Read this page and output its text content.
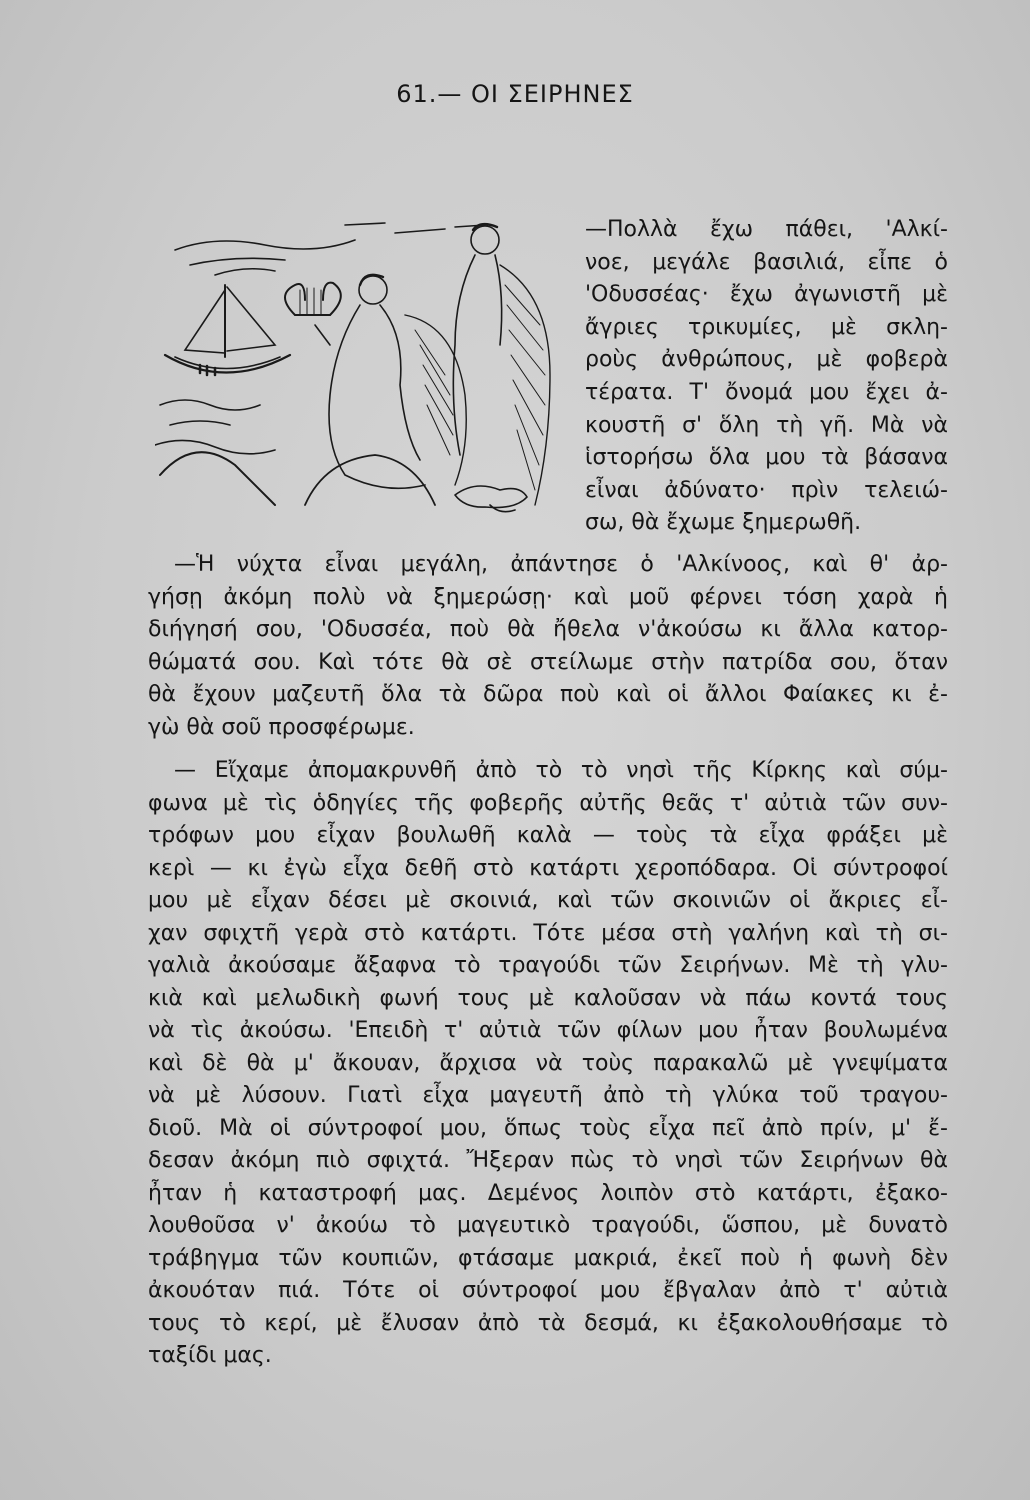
61.— ΟΙ ΣΕΙΡΗΝΕΣ
—Πολλὰ ἔχω πάθει, 'Αλκί-
νοε, μεγάλε βασιλιά, εἶπε ὁ
'Οδυσσέας· ἔχω ἀγωνιστῆ μὲ
ἄγριες τρικυμίες, μὲ σκλη-
ροὺς ἀνθρώπους, μὲ φοβερὰ
τέρατα. Τ' ὄνομά μου ἔχει ἀ-
κουστῆ σ' ὅλη τὴ γῆ. Μὰ νὰ
ἱστορήσω ὅλα μου τὰ βάσανα
εἶναι ἀδύνατο· πρὶν τελειώ-
σω, θὰ ἔχωμε ξημερωθῆ.
—Ἡ νύχτα εἶναι μεγάλη, ἀπάντησε ὁ 'Αλκίνοος, καὶ θ' ἀρ-
γήσῃ ἀκόμη πολὺ νὰ ξημερώσῃ· καὶ μοῦ φέρνει τόση χαρὰ ἡ
διήγησή σου, 'Οδυσσέα, ποὺ θὰ ἤθελα ν'ἀκούσω κι ἄλλα κατορ-
θώματά σου. Καὶ τότε θὰ σὲ στείλωμε στὴν πατρίδα σου, ὅταν
θὰ ἔχουν μαζευτῆ ὅλα τὰ δῶρα ποὺ καὶ οἱ ἄλλοι Φαίακες κι ἐ-
γὼ θὰ σοῦ προσφέρωμε.
— Εἴχαμε ἀπομακρυνθῆ ἀπὸ τὸ τὸ νησὶ τῆς Κίρκης καὶ σύμ-
φωνα μὲ τὶς ὁδηγίες τῆς φοβερῆς αὐτῆς θεᾶς τ' αὐτιὰ τῶν συν-
τρόφων μου εἶχαν βουλωθῆ καλὰ — τοὺς τὰ εἶχα φράξει μὲ
κερὶ — κι ἐγὼ εἶχα δεθῆ στὸ κατάρτι χεροπόδαρα. Οἱ σύντροφοί
μου μὲ εἶχαν δέσει μὲ σκοινιά, καὶ τῶν σκοινιῶν οἱ ἄκριες εἶ-
χαν σφιχτῆ γερὰ στὸ κατάρτι. Τότε μέσα στὴ γαλήνη καὶ τὴ σι-
γαλιὰ ἀκούσαμε ἄξαφνα τὸ τραγούδι τῶν Σειρήνων. Μὲ τὴ γλυ-
κιὰ καὶ μελωδικὴ φωνή τους μὲ καλοῦσαν νὰ πάω κοντά τους
νὰ τὶς ἀκούσω. 'Επειδὴ τ' αὐτιὰ τῶν φίλων μου ἦταν βουλωμένα
καὶ δὲ θὰ μ' ἄκουαν, ἄρχισα νὰ τοὺς παρακαλῶ μὲ γνεψίματα
νὰ μὲ λύσουν. Γιατὶ εἶχα μαγευτῆ ἀπὸ τὴ γλύκα τοῦ τραγου-
διοῦ. Μὰ οἱ σύντροφοί μου, ὅπως τοὺς εἶχα πεῖ ἀπὸ πρίν, μ' ἔ-
δεσαν ἀκόμη πιὸ σφιχτά. Ἤξεραν πὼς τὸ νησὶ τῶν Σειρήνων θὰ
ἦταν ἡ καταστροφή μας. Δεμένος λοιπὸν στὸ κατάρτι, ἐξακο-
λουθοῦσα ν' ἀκούω τὸ μαγευτικὸ τραγούδι, ὥσπου, μὲ δυνατὸ
τράβηγμα τῶν κουπιῶν, φτάσαμε μακριά, ἐκεῖ ποὺ ἡ φωνὴ δὲν
ἀκουόταν πιά. Τότε οἱ σύντροφοί μου ἔβγαλαν ἀπὸ τ' αὐτιὰ
τους τὸ κερί, μὲ ἔλυσαν ἀπὸ τὰ δεσμά, κι ἐξακολουθήσαμε τὸ
ταξίδι μας.
